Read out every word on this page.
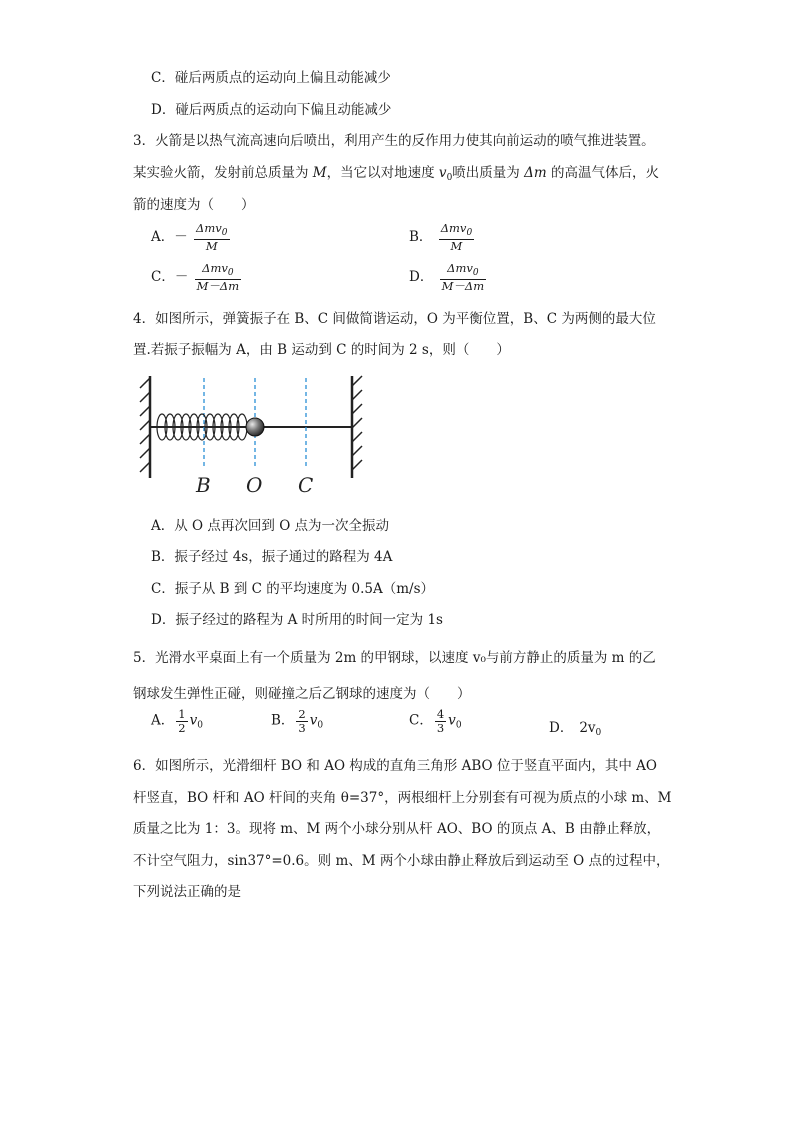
C．碰后两质点的运动向上偏且动能减少
D．碰后两质点的运动向下偏且动能减少
3．火箭是以热气流高速向后喷出，利用产生的反作用力使其向前运动的喷气推进装置。
某实验火箭，发射前总质量为 M，当它以对地速度 $v_0$喷出质量为 Δm 的高温气体后，火
箭的速度为（　　）
A．－ $\frac{\Delta mv_0}{M}$	B． $\frac{\Delta mv_0}{M}$
C．－ $\frac{\Delta mv_0}{M-\Delta m}$	D． $\frac{\Delta mv_0}{M-\Delta m}$
4．如图所示，弹簧振子在 B、C 间做简谐运动，O 为平衡位置，B、C 为两侧的最大位
置.若振子振幅为 A，由 B 运动到 C 的时间为 2 s，则（　　）
B O C
A．从 O 点再次回到 O 点为一次全振动
B．振子经过 4s，振子通过的路程为 4A
C．振子从 B 到 C 的平均速度为 0.5A（m/s）
D．振子经过的路程为 A 时所用的时间一定为 1s
5．光滑水平桌面上有一个质量为 2m 的甲钢球，以速度 v₀与前方静止的质量为 m 的乙
钢球发生弹性正碰，则碰撞之后乙钢球的速度为（　　）
A． $\frac{1}{2} v_0$	B． $\frac{2}{3} v_0$	C． $\frac{4}{3} v_0$	D． $2v_0$
6．如图所示，光滑细杆 BO 和 AO 构成的直角三角形 ABO 位于竖直平面内，其中 AO
杆竖直，BO 杆和 AO 杆间的夹角 θ=37°，两根细杆上分别套有可视为质点的小球 m、M
质量之比为 1：3。现将 m、M 两个小球分别从杆 AO、BO 的顶点 A、B 由静止释放，
不计空气阻力，sin37°=0.6。则 m、M 两个小球由静止释放后到运动至 O 点的过程中，
下列说法正确的是
